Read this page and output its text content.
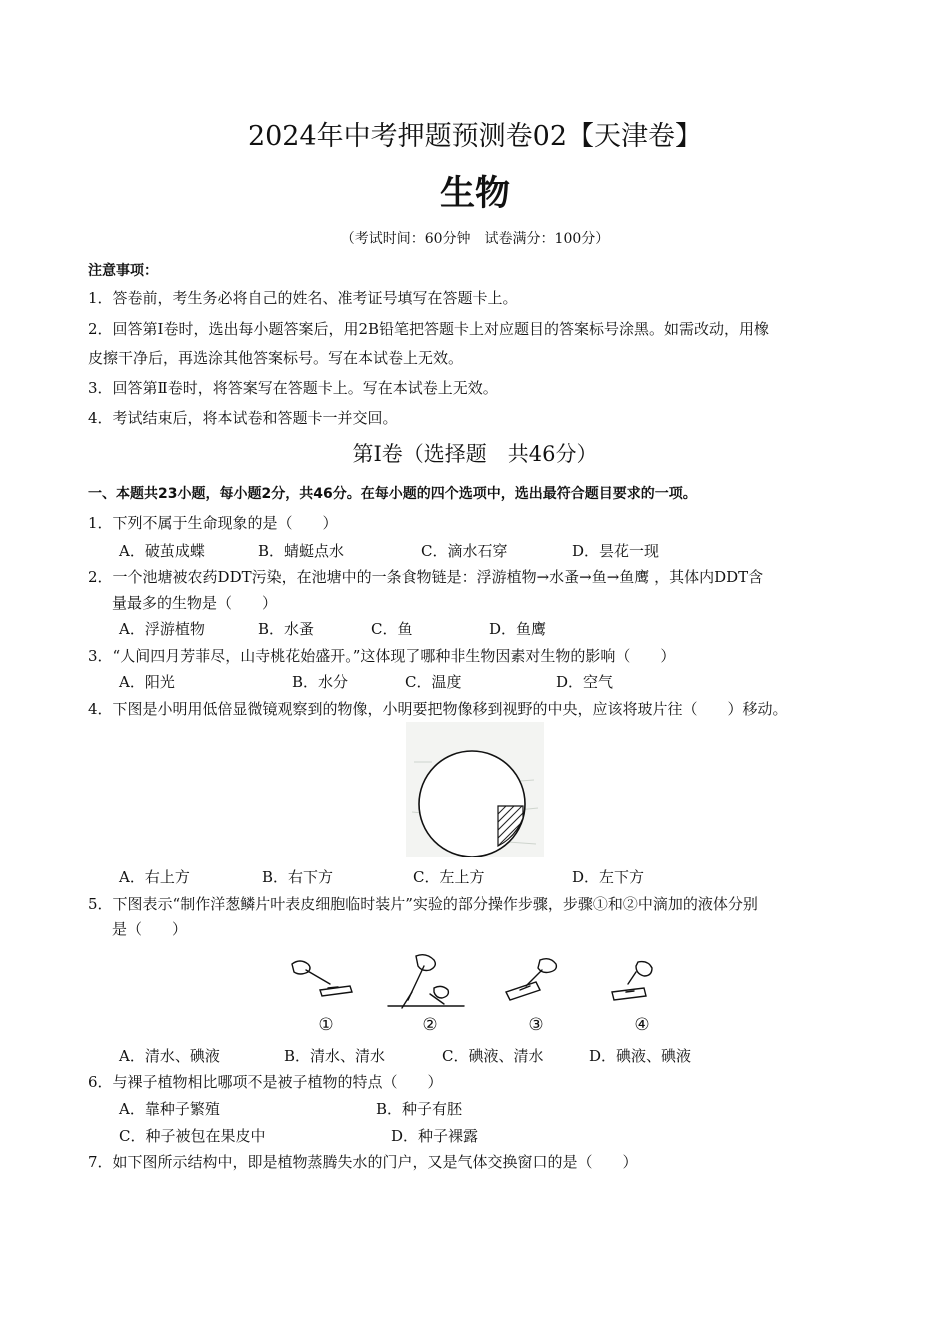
2024年中考押题预测卷02【天津卷】
生物
（考试时间：60分钟　试卷满分：100分）
注意事项：
1．答卷前，考生务必将自己的姓名、准考证号填写在答题卡上。
2．回答第Ⅰ卷时，选出每小题答案后，用2B铅笔把答题卡上对应题目的答案标号涂黑。如需改动，用橡
皮擦干净后，再选涂其他答案标号。写在本试卷上无效。
3．回答第Ⅱ卷时，将答案写在答题卡上。写在本试卷上无效。
4．考试结束后，将本试卷和答题卡一并交回。
第Ⅰ卷（选择题　共46分）
一、本题共23小题，每小题2分，共46分。在每小题的四个选项中，选出最符合题目要求的一项。
1．下列不属于生命现象的是（　　）
A．破茧成蝶	B．蜻蜓点水	C．滴水石穿	D．昙花一现
2．一个池塘被农药DDT污染，在池塘中的一条食物链是：浮游植物→水蚤→鱼→鱼鹰 ，其体内DDT含
量最多的生物是（　　）
A．浮游植物	B．水蚤	C．鱼	D．鱼鹰
3．“人间四月芳菲尽，山寺桃花始盛开。”这体现了哪种非生物因素对生物的影响（　　）
A．阳光	B．水分	C．温度	D．空气
4．下图是小明用低倍显微镜观察到的物像，小明要把物像移到视野的中央，应该将玻片往（　　）移动。
A．右上方	B．右下方	C．左上方	D．左下方
5．下图表示“制作洋葱鳞片叶表皮细胞临时装片”实验的部分操作步骤，步骤①和②中滴加的液体分别
是（　　）
①	②	③	④
A．清水、碘液	B．清水、清水	C．碘液、清水	D．碘液、碘液
6．与裸子植物相比哪项不是被子植物的特点（　　）
A．靠种子繁殖	B．种子有胚
C．种子被包在果皮中	D．种子裸露
7．如下图所示结构中，即是植物蒸腾失水的门户，又是气体交换窗口的是（　　）
